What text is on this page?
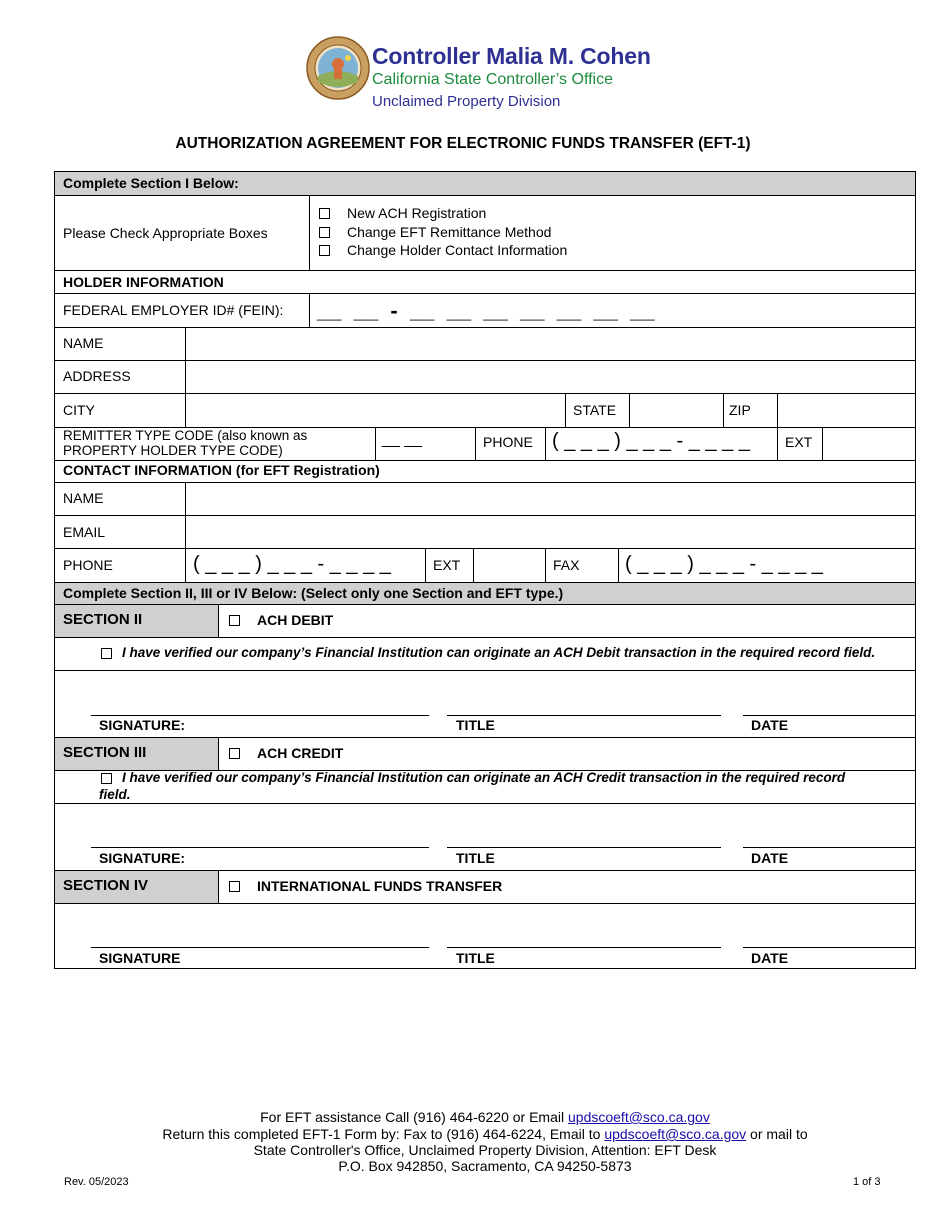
Controller Malia M. Cohen
California State Controller’s Office
Unclaimed Property Division
AUTHORIZATION AGREEMENT FOR ELECTRONIC FUNDS TRANSFER (EFT-1)
Complete Section I Below:
Please Check Appropriate Boxes
New ACH Registration
Change EFT Remittance Method
Change Holder Contact Information
HOLDER INFORMATION
FEDERAL EMPLOYER ID# (FEIN): __  __  -  __  __  __  __  __  __  __
NAME
ADDRESS
CITY	STATE	ZIP
REMITTER TYPE CODE (also known as
PROPERTY HOLDER TYPE CODE)
__ __	PHONE ( _ _ _ ) _ _ _ - _ _ _ _	EXT
CONTACT INFORMATION (for EFT Registration)
NAME
EMAIL
PHONE	( _ _ _ ) _ _ _ - _ _ _ _	EXT	FAX ( _ _ _ ) _ _ _ - _ _ _ _
Complete Section II, III or IV Below: (Select only one Section and EFT type.)
SECTION II	ACH DEBIT
I have verified our company’s Financial Institution can originate an ACH Debit transaction in the required record field.
SIGNATURE:	TITLE	DATE
SECTION III	ACH CREDIT
I have verified our company’s Financial Institution can originate an ACH Credit transaction in the required record
field.
SIGNATURE:	TITLE	DATE
SECTION IV	INTERNATIONAL FUNDS TRANSFER
SIGNATURE	TITLE	DATE
For EFT assistance Call (916) 464-6220 or Email updscoeft@sco.ca.gov
Return this completed EFT-1 Form by: Fax to (916) 464-6224, Email to updscoeft@sco.ca.gov or mail to
State Controller's Office, Unclaimed Property Division, Attention: EFT Desk
P.O. Box 942850, Sacramento, CA 94250-5873
Rev. 05/2023	1 of 3
